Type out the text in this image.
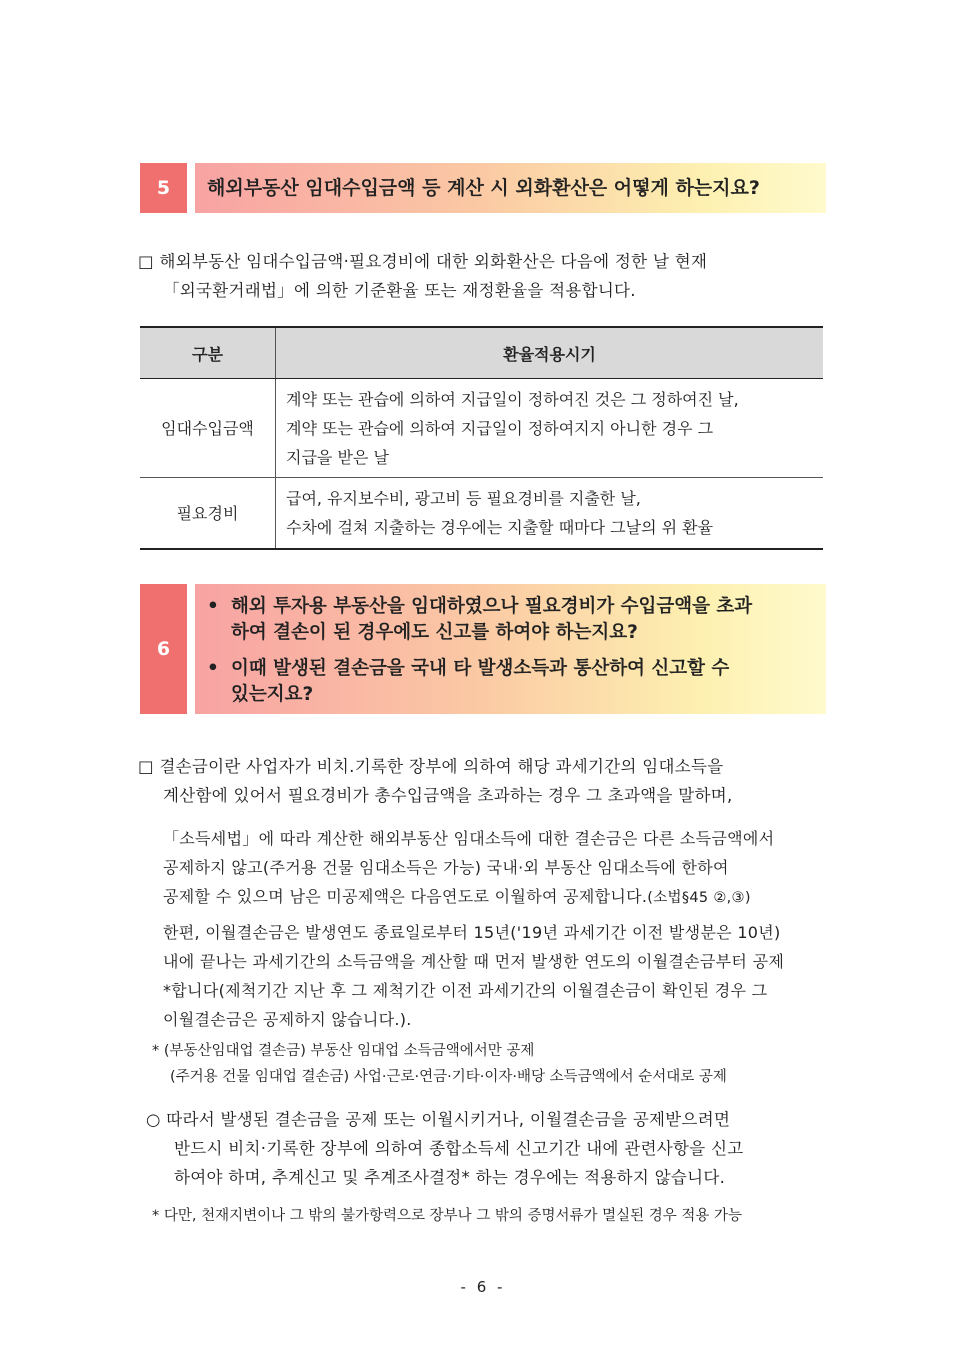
5	해외부동산 임대수입금액 등 계산 시 외화환산은 어떻게 하는지요?
□ 해외부동산 임대수입금액·필요경비에 대한 외화환산은 다음에 정한 날 현재
「외국환거래법」에 의한 기준환율 또는 재정환율을 적용합니다.
구분	환율적용시기
임대수입금액	계약 또는 관습에 의하여 지급일이 정하여진 것은 그 정하여진 날,
계약 또는 관습에 의하여 지급일이 정하여지지 아니한 경우 그
지급을 받은 날

필요경비	급여, 유지보수비, 광고비 등 필요경비를 지출한 날,
수차에 걸쳐 지출하는 경우에는 지출할 때마다 그날의 위 환율
6
• 해외 투자용 부동산을 임대하였으나 필요경비가 수입금액을 초과
하여 결손이 된 경우에도 신고를 하여야 하는지요?
• 이때 발생된 결손금을 국내 타 발생소득과 통산하여 신고할 수
있는지요?
□ 결손금이란 사업자가 비치.기록한 장부에 의하여 해당 과세기간의 임대소득을
계산함에 있어서 필요경비가 총수입금액을 초과하는 경우 그 초과액을 말하며,
「소득세법」에 따라 계산한 해외부동산 임대소득에 대한 결손금은 다른 소득금액에서
공제하지 않고(주거용 건물 임대소득은 가능) 국내·외 부동산 임대소득에 한하여
공제할 수 있으며 남은 미공제액은 다음연도로 이월하여 공제합니다.(소법§45 ②,③)
한편, 이월결손금은 발생연도 종료일로부터 15년('19년 과세기간 이전 발생분은 10년)
내에 끝나는 과세기간의 소득금액을 계산할 때 먼저 발생한 연도의 이월결손금부터 공제
*합니다(제척기간 지난 후 그 제척기간 이전 과세기간의 이월결손금이 확인된 경우 그
이월결손금은 공제하지 않습니다.).
* (부동산임대업 결손금) 부동산 임대업 소득금액에서만 공제
(주거용 건물 임대업 결손금) 사업·근로·연금·기타·이자·배당 소득금액에서 순서대로 공제
○ 따라서 발생된 결손금을 공제 또는 이월시키거나, 이월결손금을 공제받으려면
반드시 비치·기록한 장부에 의하여 종합소득세 신고기간 내에 관련사항을 신고
하여야 하며, 추계신고 및 추계조사결정* 하는 경우에는 적용하지 않습니다.
* 다만, 천재지변이나 그 밖의 불가항력으로 장부나 그 밖의 증명서류가 멸실된 경우 적용 가능
- 6 -
